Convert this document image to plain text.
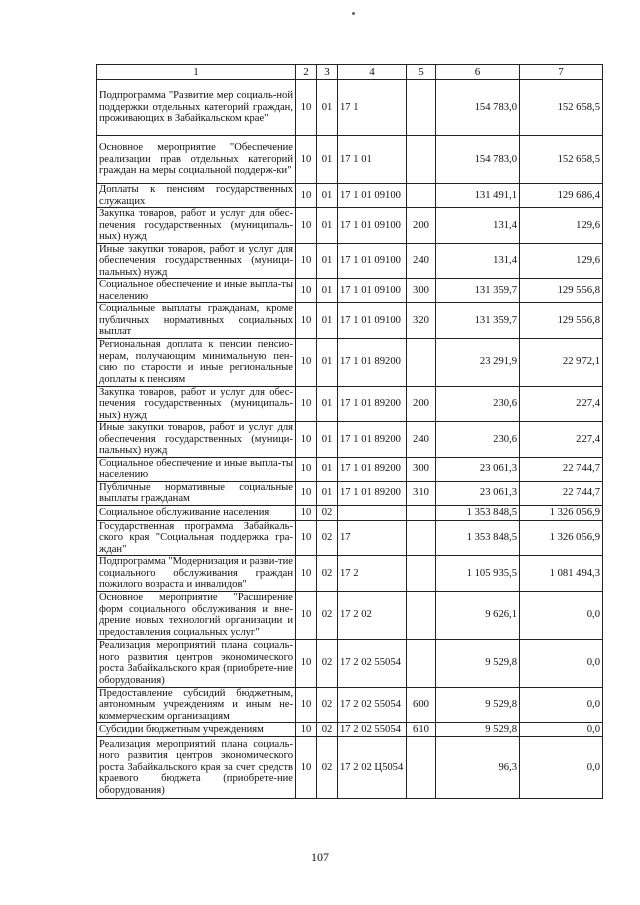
1	2	3	4	5	6	7
Подпрограмма "Развитие мер социаль-ной поддержки отдельных категорий граждан, проживающих в Забайкальском крае"	10	01	17 1		154 783,0	152 658,5
Основное мероприятие "Обеспечение реализации прав отдельных категорий граждан на меры социальной поддерж-ки"	10	01	17 1 01		154 783,0	152 658,5
Доплаты к пенсиям государственных служащих	10	01	17 1 01 09100		131 491,1	129 686,4
Закупка товаров, работ и услуг для обес-печения государственных (муниципаль-ных) нужд	10	01	17 1 01 09100	200	131,4	129,6
Иные закупки товаров, работ и услуг для обеспечения государственных (муници-пальных) нужд	10	01	17 1 01 09100	240	131,4	129,6
Социальное обеспечение и иные выпла-ты населению	10	01	17 1 01 09100	300	131 359,7	129 556,8
Социальные выплаты гражданам, кроме публичных нормативных социальных выплат	10	01	17 1 01 09100	320	131 359,7	129 556,8
Региональная доплата к пенсии пенсио-нерам, получающим минимальную пен-сию по старости и иные региональные доплаты к пенсиям	10	01	17 1 01 89200		23 291,9	22 972,1
Закупка товаров, работ и услуг для обес-печения государственных (муниципаль-ных) нужд	10	01	17 1 01 89200	200	230,6	227,4
Иные закупки товаров, работ и услуг для обеспечения государственных (муници-пальных) нужд	10	01	17 1 01 89200	240	230,6	227,4
Социальное обеспечение и иные выпла-ты населению	10	01	17 1 01 89200	300	23 061,3	22 744,7
Публичные нормативные социальные выплаты гражданам	10	01	17 1 01 89200	310	23 061,3	22 744,7
Социальное обслуживание населения	10	02			1 353 848,5	1 326 056,9
Государственная программа Забайкаль-ского края "Социальная поддержка гра-ждан"	10	02	17		1 353 848,5	1 326 056,9
Подпрограмма "Модернизация и разви-тие социального обслуживания граждан пожилого возраста и инвалидов"	10	02	17 2		1 105 935,5	1 081 494,3
Основное мероприятие "Расширение форм социального обслуживания и вне-дрение новых технологий организации и предоставления социальных услуг"	10	02	17 2 02		9 626,1	0,0
Реализация мероприятий плана социаль-ного развития центров экономического роста Забайкальского края (приобрете-ние оборудования)	10	02	17 2 02 55054		9 529,8	0,0
Предоставление субсидий бюджетным, автономным учреждениям и иным не-коммерческим организациям	10	02	17 2 02 55054	600	9 529,8	0,0
Субсидии бюджетным учреждениям	10	02	17 2 02 55054	610	9 529,8	0,0
Реализация мероприятий плана социаль-ного развития центров экономического роста Забайкальского края за счет средств краевого бюджета (приобрете-ние оборудования)	10	02	17 2 02 Ц5054		96,3	0,0
107
